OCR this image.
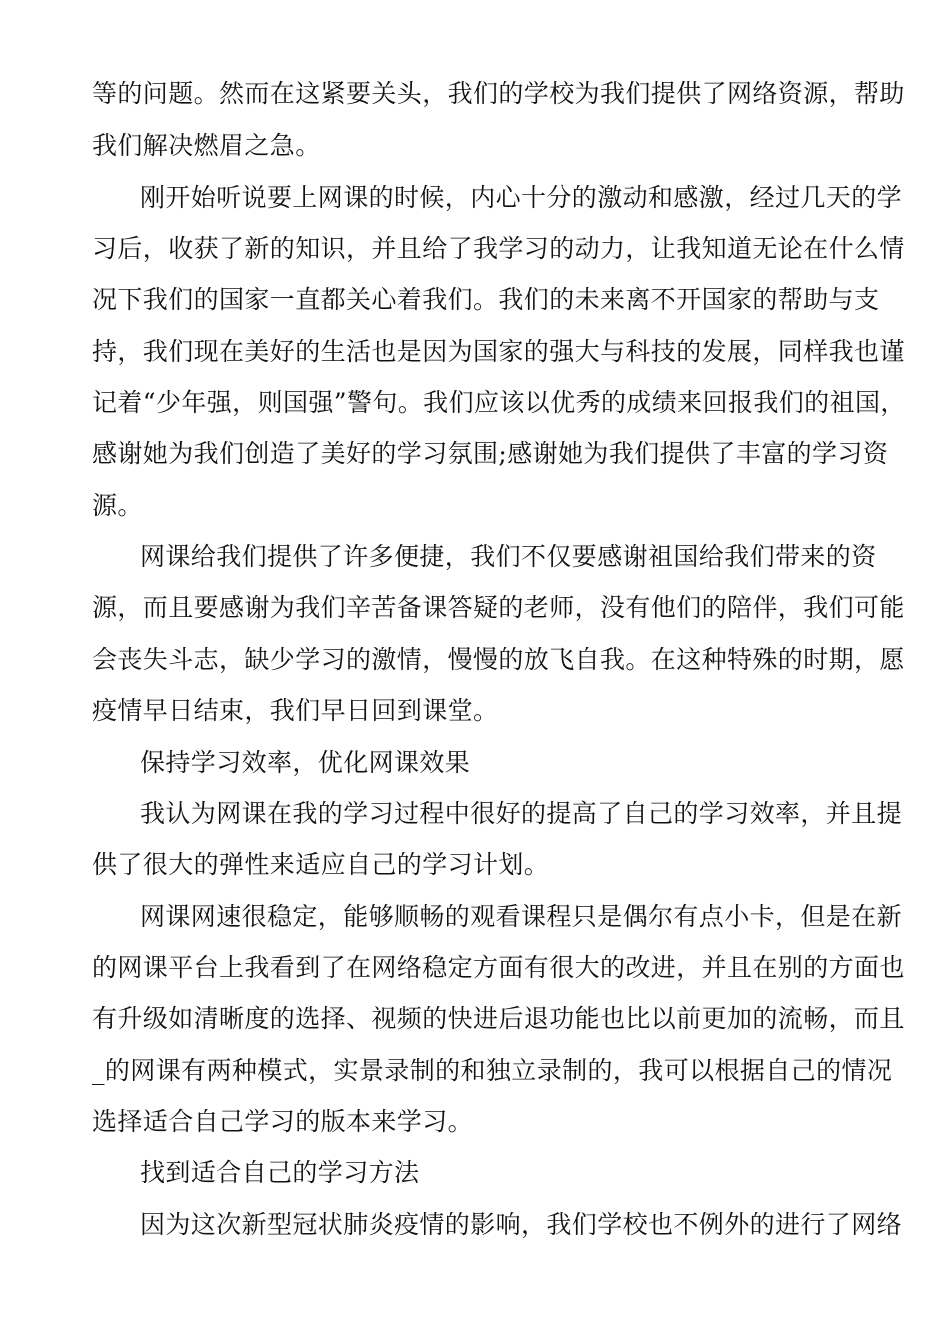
等的问题。然而在这紧要关头，我们的学校为我们提供了网络资源，帮助
我们解决燃眉之急。
刚开始听说要上网课的时候，内心十分的激动和感激，经过几天的学
习后，收获了新的知识，并且给了我学习的动力，让我知道无论在什么情
况下我们的国家一直都关心着我们。我们的未来离不开国家的帮助与支
持，我们现在美好的生活也是因为国家的强大与科技的发展，同样我也谨
记着“少年强，则国强”警句。我们应该以优秀的成绩来回报我们的祖国，
感谢她为我们创造了美好的学习氛围;感谢她为我们提供了丰富的学习资
源。
网课给我们提供了许多便捷，我们不仅要感谢祖国给我们带来的资
源，而且要感谢为我们辛苦备课答疑的老师，没有他们的陪伴，我们可能
会丧失斗志，缺少学习的激情，慢慢的放飞自我。在这种特殊的时期，愿
疫情早日结束，我们早日回到课堂。
保持学习效率，优化网课效果
我认为网课在我的学习过程中很好的提高了自己的学习效率，并且提
供了很大的弹性来适应自己的学习计划。
网课网速很稳定，能够顺畅的观看课程只是偶尔有点小卡，但是在新
的网课平台上我看到了在网络稳定方面有很大的改进，并且在别的方面也
有升级如清晰度的选择、视频的快进后退功能也比以前更加的流畅，而且
_的网课有两种模式，实景录制的和独立录制的，我可以根据自己的情况
选择适合自己学习的版本来学习。
找到适合自己的学习方法
因为这次新型冠状肺炎疫情的影响，我们学校也不例外的进行了网络
